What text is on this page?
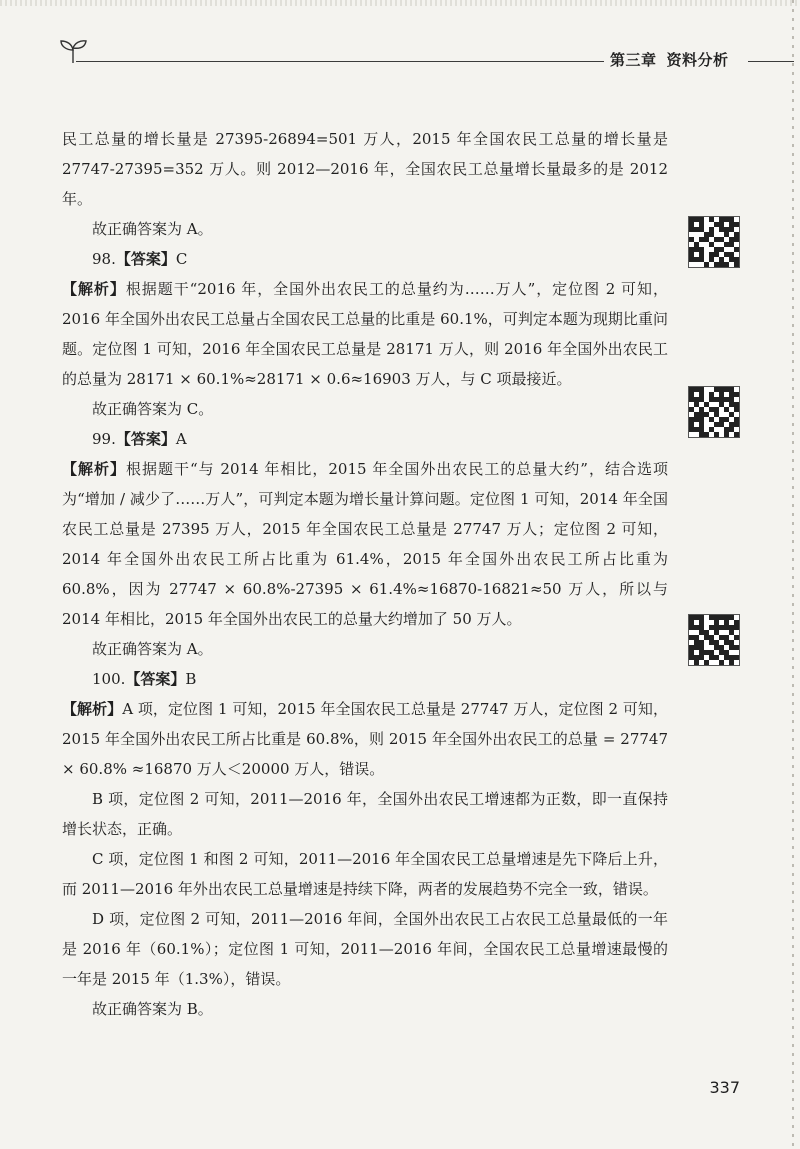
第三章 资料分析

民工总量的增长量是 27395-26894=501 万人，2015 年全国农民工总量的增长量是 27747-27395=352 万人。则 2012—2016 年，全国农民工总量增长量最多的是 2012 年。

故正确答案为 A。

98.【答案】C

【解析】根据题干“2016 年，全国外出农民工的总量约为……万人”，定位图 2 可知，2016 年全国外出农民工总量占全国农民工总量的比重是 60.1%，可判定本题为现期比重问题。定位图 1 可知，2016 年全国农民工总量是 28171 万人，则 2016 年全国外出农民工的总量为 28171 × 60.1%≈28171 × 0.6≈16903 万人，与 C 项最接近。

故正确答案为 C。

99.【答案】A

【解析】根据题干“与 2014 年相比，2015 年全国外出农民工的总量大约”，结合选项为“增加 / 减少了……万人”，可判定本题为增长量计算问题。定位图 1 可知，2014 年全国农民工总量是 27395 万人，2015 年全国农民工总量是 27747 万人；定位图 2 可知，2014 年全国外出农民工所占比重为 61.4%，2015 年全国外出农民工所占比重为 60.8%，因为 27747 × 60.8%-27395 × 61.4%≈16870-16821≈50 万人，所以与 2014 年相比，2015 年全国外出农民工的总量大约增加了 50 万人。

故正确答案为 A。

100.【答案】B

【解析】A 项，定位图 1 可知，2015 年全国农民工总量是 27747 万人，定位图 2 可知，2015 年全国外出农民工所占比重是 60.8%，则 2015 年全国外出农民工的总量 = 27747 × 60.8% ≈16870 万人＜20000 万人，错误。

B 项，定位图 2 可知，2011—2016 年，全国外出农民工增速都为正数，即一直保持增长状态，正确。

C 项，定位图 1 和图 2 可知，2011—2016 年全国农民工总量增速是先下降后上升，而 2011—2016 年外出农民工总量增速是持续下降，两者的发展趋势不完全一致，错误。

D 项，定位图 2 可知，2011—2016 年间，全国外出农民工占农民工总量最低的一年是 2016 年（60.1%）；定位图 1 可知，2011—2016 年间，全国农民工总量增速最慢的一年是 2015 年（1.3%），错误。

故正确答案为 B。

337
